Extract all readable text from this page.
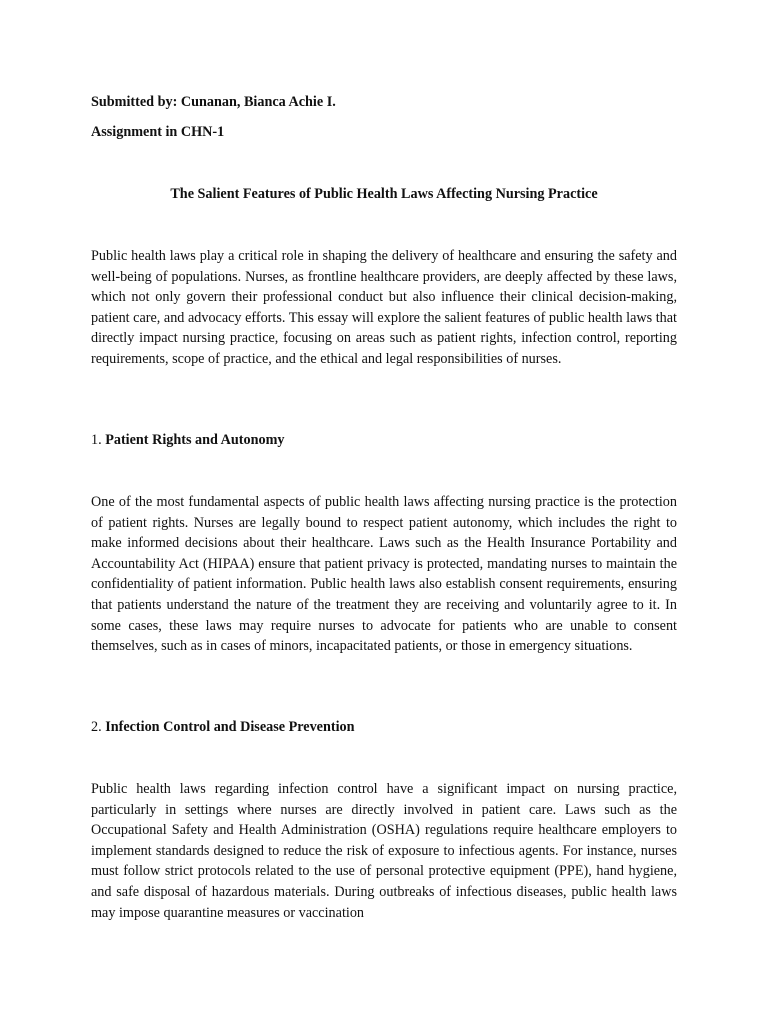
Submitted by: Cunanan, Bianca Achie I.

Assignment in CHN-1

The Salient Features of Public Health Laws Affecting Nursing Practice

Public health laws play a critical role in shaping the delivery of healthcare and ensuring the safety and well-being of populations. Nurses, as frontline healthcare providers, are deeply affected by these laws, which not only govern their professional conduct but also influence their clinical decision-making, patient care, and advocacy efforts. This essay will explore the salient features of public health laws that directly impact nursing practice, focusing on areas such as patient rights, infection control, reporting requirements, scope of practice, and the ethical and legal responsibilities of nurses.

1. Patient Rights and Autonomy

One of the most fundamental aspects of public health laws affecting nursing practice is the protection of patient rights. Nurses are legally bound to respect patient autonomy, which includes the right to make informed decisions about their healthcare. Laws such as the Health Insurance Portability and Accountability Act (HIPAA) ensure that patient privacy is protected, mandating nurses to maintain the confidentiality of patient information. Public health laws also establish consent requirements, ensuring that patients understand the nature of the treatment they are receiving and voluntarily agree to it. In some cases, these laws may require nurses to advocate for patients who are unable to consent themselves, such as in cases of minors, incapacitated patients, or those in emergency situations.

2. Infection Control and Disease Prevention

Public health laws regarding infection control have a significant impact on nursing practice, particularly in settings where nurses are directly involved in patient care. Laws such as the Occupational Safety and Health Administration (OSHA) regulations require healthcare employers to implement standards designed to reduce the risk of exposure to infectious agents. For instance, nurses must follow strict protocols related to the use of personal protective equipment (PPE), hand hygiene, and safe disposal of hazardous materials. During outbreaks of infectious diseases, public health laws may impose quarantine measures or vaccination
